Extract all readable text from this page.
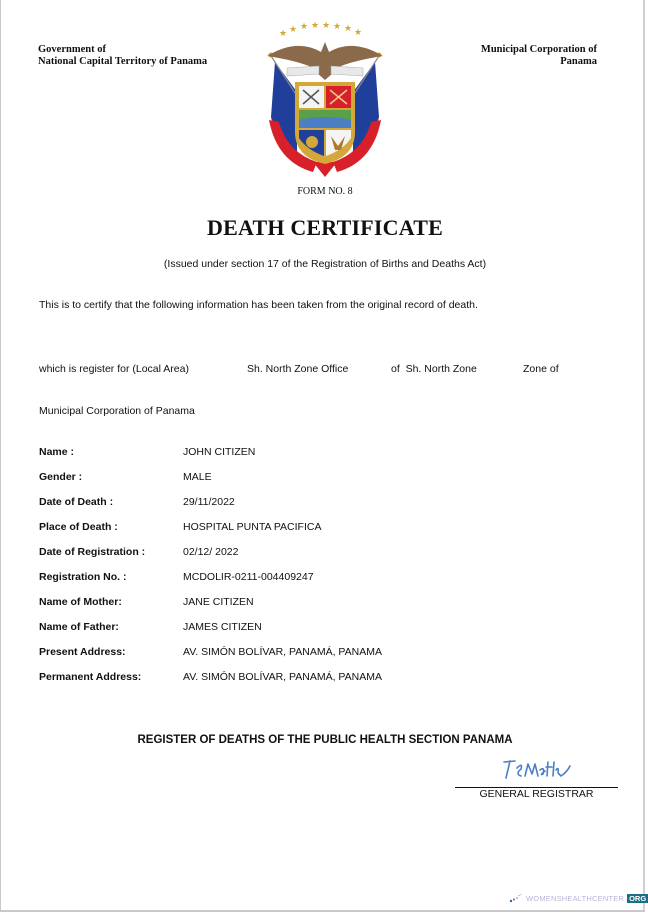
Government of
National Capital Territory of Panama
Municipal Corporation of
Panama
★ ★ ★ ★ ★ ★ ★ ★
★	★
FORM NO. 8
DEATH CERTIFICATE
(Issued under section 17 of the Registration of Births and Deaths Act)
This is to certify that the following information has been taken from the original record of death.
which is register for (Local Area)	Sh. North Zone Office	of  Sh. North Zone	Zone of
Municipal Corporation of Panama
Name :	JOHN CITIZEN
Gender :	MALE
Date of Death :	29/11/2022
Place of Death :	HOSPITAL PUNTA PACIFICA
Date of Registration :	02/12/ 2022
Registration No. :	MCDOLIR-0211-004409247
Name of Mother:	JANE CITIZEN
Name of Father:	JAMES CITIZEN
Present Address:	AV. SIMÓN BOLÍVAR, PANAMÁ, PANAMA
Permanent Address:	AV. SIMÓN BOLÍVAR, PANAMÁ, PANAMA
REGISTER OF DEATHS OF THE PUBLIC HEALTH SECTION PANAMA
GENERAL REGISTRAR
WOMENSHEALTHCENTER ORG
